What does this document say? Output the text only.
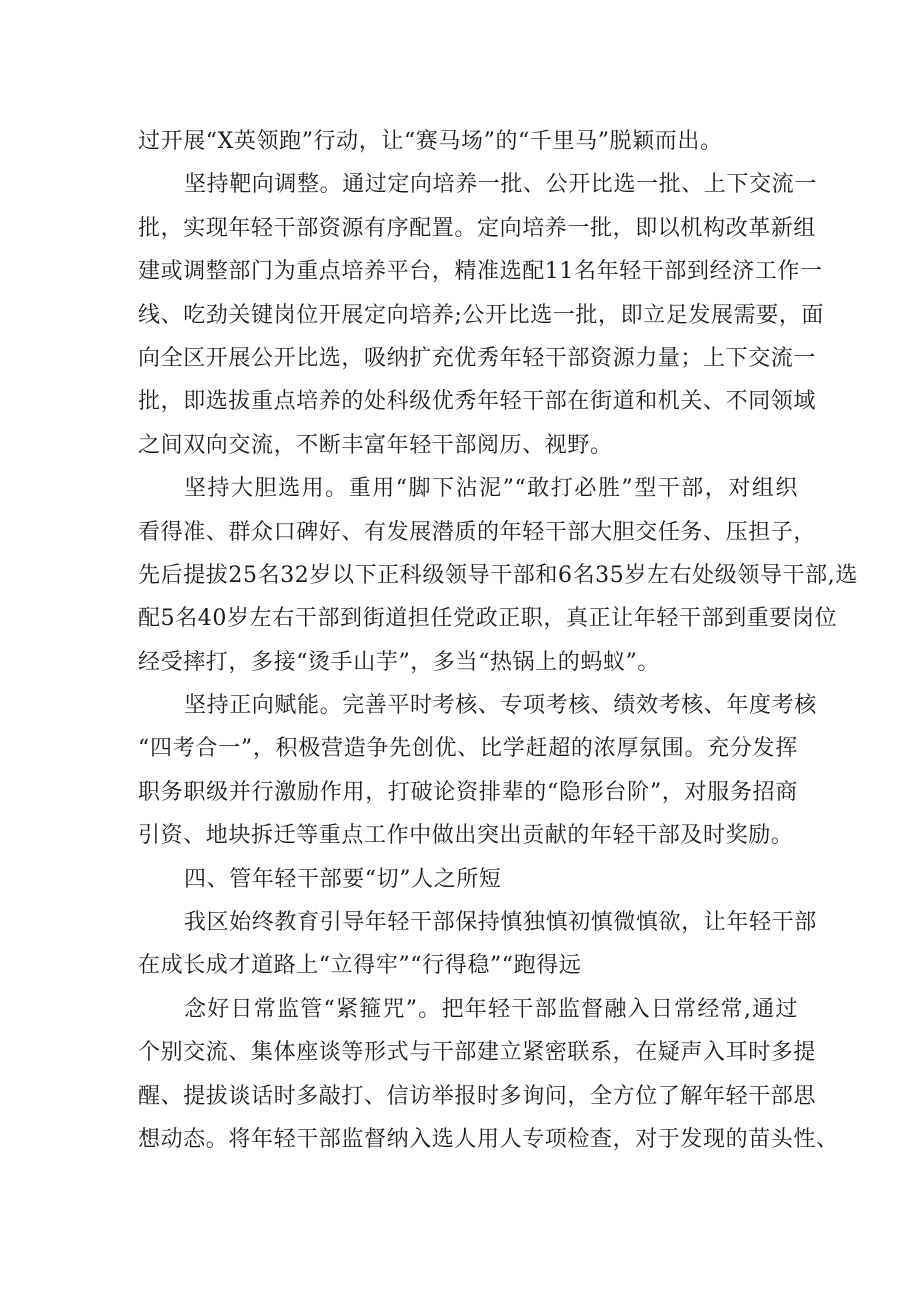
过开展“X英领跑”行动，让“赛马场”的“千里马”脱颖而出。
坚持靶向调整。通过定向培养一批、公开比选一批、上下交流一
批，实现年轻干部资源有序配置。定向培养一批，即以机构改革新组
建或调整部门为重点培养平台，精准选配11名年轻干部到经济工作一
线、吃劲关键岗位开展定向培养;公开比选一批，即立足发展需要，面
向全区开展公开比选，吸纳扩充优秀年轻干部资源力量；上下交流一
批，即选拔重点培养的处科级优秀年轻干部在街道和机关、不同领域
之间双向交流，不断丰富年轻干部阅历、视野。
坚持大胆选用。重用“脚下沾泥”“敢打必胜”型干部，对组织
看得准、群众口碑好、有发展潜质的年轻干部大胆交任务、压担子，
先后提拔25名32岁以下正科级领导干部和6名35岁左右处级领导干部,选
配5名40岁左右干部到街道担任党政正职，真正让年轻干部到重要岗位
经受摔打，多接“烫手山芋”，多当“热锅上的蚂蚁”。
坚持正向赋能。完善平时考核、专项考核、绩效考核、年度考核
“四考合一”，积极营造争先创优、比学赶超的浓厚氛围。充分发挥
职务职级并行激励作用，打破论资排辈的“隐形台阶”，对服务招商
引资、地块拆迁等重点工作中做出突出贡献的年轻干部及时奖励。
四、管年轻干部要“切”人之所短
我区始终教育引导年轻干部保持慎独慎初慎微慎欲，让年轻干部
在成长成才道路上“立得牢”“行得稳”“跑得远
念好日常监管“紧箍咒”。把年轻干部监督融入日常经常,通过
个别交流、集体座谈等形式与干部建立紧密联系，在疑声入耳时多提
醒、提拔谈话时多敲打、信访举报时多询问，全方位了解年轻干部思
想动态。将年轻干部监督纳入选人用人专项检查，对于发现的苗头性、
